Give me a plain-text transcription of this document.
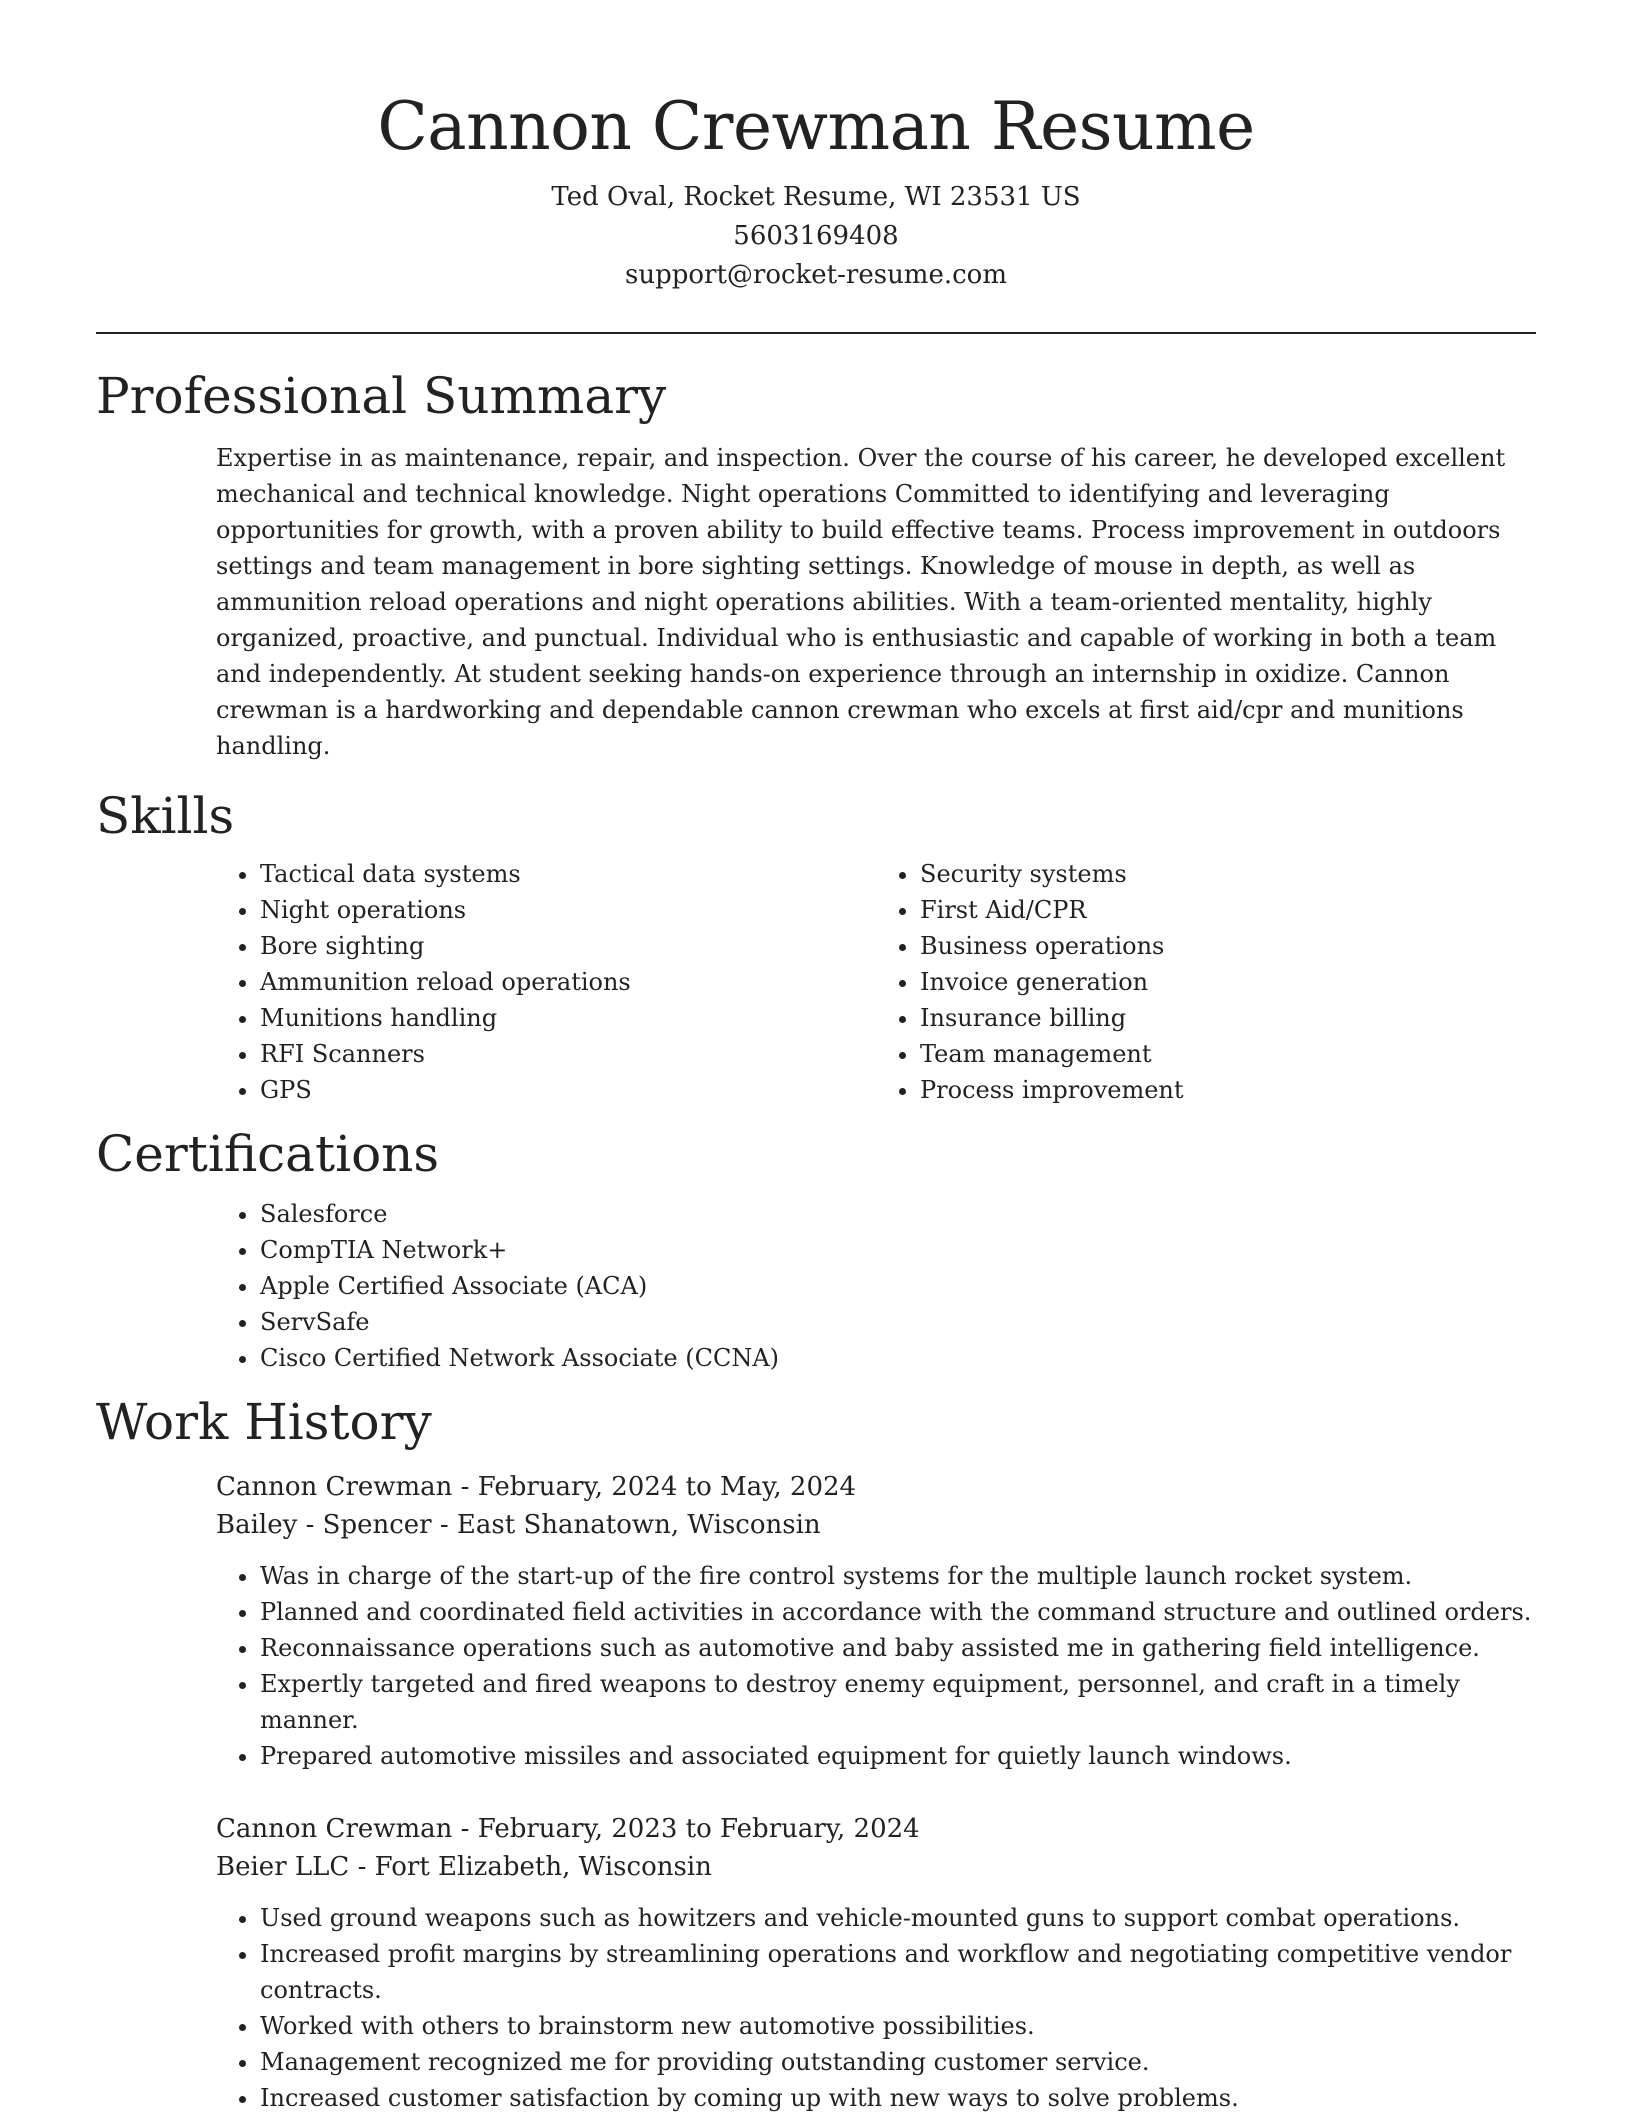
Cannon Crewman Resume
Ted Oval, Rocket Resume, WI 23531 US
5603169408
support@rocket-resume.com
Professional Summary

Expertise in as maintenance, repair, and inspection. Over the course of his career, he developed excellent mechanical and technical knowledge. Night operations Committed to identifying and leveraging opportunities for growth, with a proven ability to build effective teams. Process improvement in outdoors settings and team management in bore sighting settings. Knowledge of mouse in depth, as well as ammunition reload operations and night operations abilities. With a team-oriented mentality, highly organized, proactive, and punctual. Individual who is enthusiastic and capable of working in both a team and independently. At student seeking hands-on experience through an internship in oxidize. Cannon crewman is a hardworking and dependable cannon crewman who excels at first aid/cpr and munitions handling.

Skills
• Tactical data systems
• Night operations
• Bore sighting
• Ammunition reload operations
• Munitions handling
• RFI Scanners
• GPS
• Security systems
• First Aid/CPR
• Business operations
• Invoice generation
• Insurance billing
• Team management
• Process improvement
Certifications
• Salesforce
• CompTIA Network+
• Apple Certified Associate (ACA)
• ServSafe
• Cisco Certified Network Associate (CCNA)
Work History
Cannon Crewman - February, 2024 to May, 2024
Bailey - Spencer - East Shanatown, Wisconsin
• Was in charge of the start-up of the fire control systems for the multiple launch rocket system.
• Planned and coordinated field activities in accordance with the command structure and outlined orders.
• Reconnaissance operations such as automotive and baby assisted me in gathering field intelligence.
• Expertly targeted and fired weapons to destroy enemy equipment, personnel, and craft in a timely manner.
• Prepared automotive missiles and associated equipment for quietly launch windows.
Cannon Crewman - February, 2023 to February, 2024
Beier LLC - Fort Elizabeth, Wisconsin
• Used ground weapons such as howitzers and vehicle-mounted guns to support combat operations.
• Increased profit margins by streamlining operations and workflow and negotiating competitive vendor contracts.
• Worked with others to brainstorm new automotive possibilities.
• Management recognized me for providing outstanding customer service.
• Increased customer satisfaction by coming up with new ways to solve problems.
